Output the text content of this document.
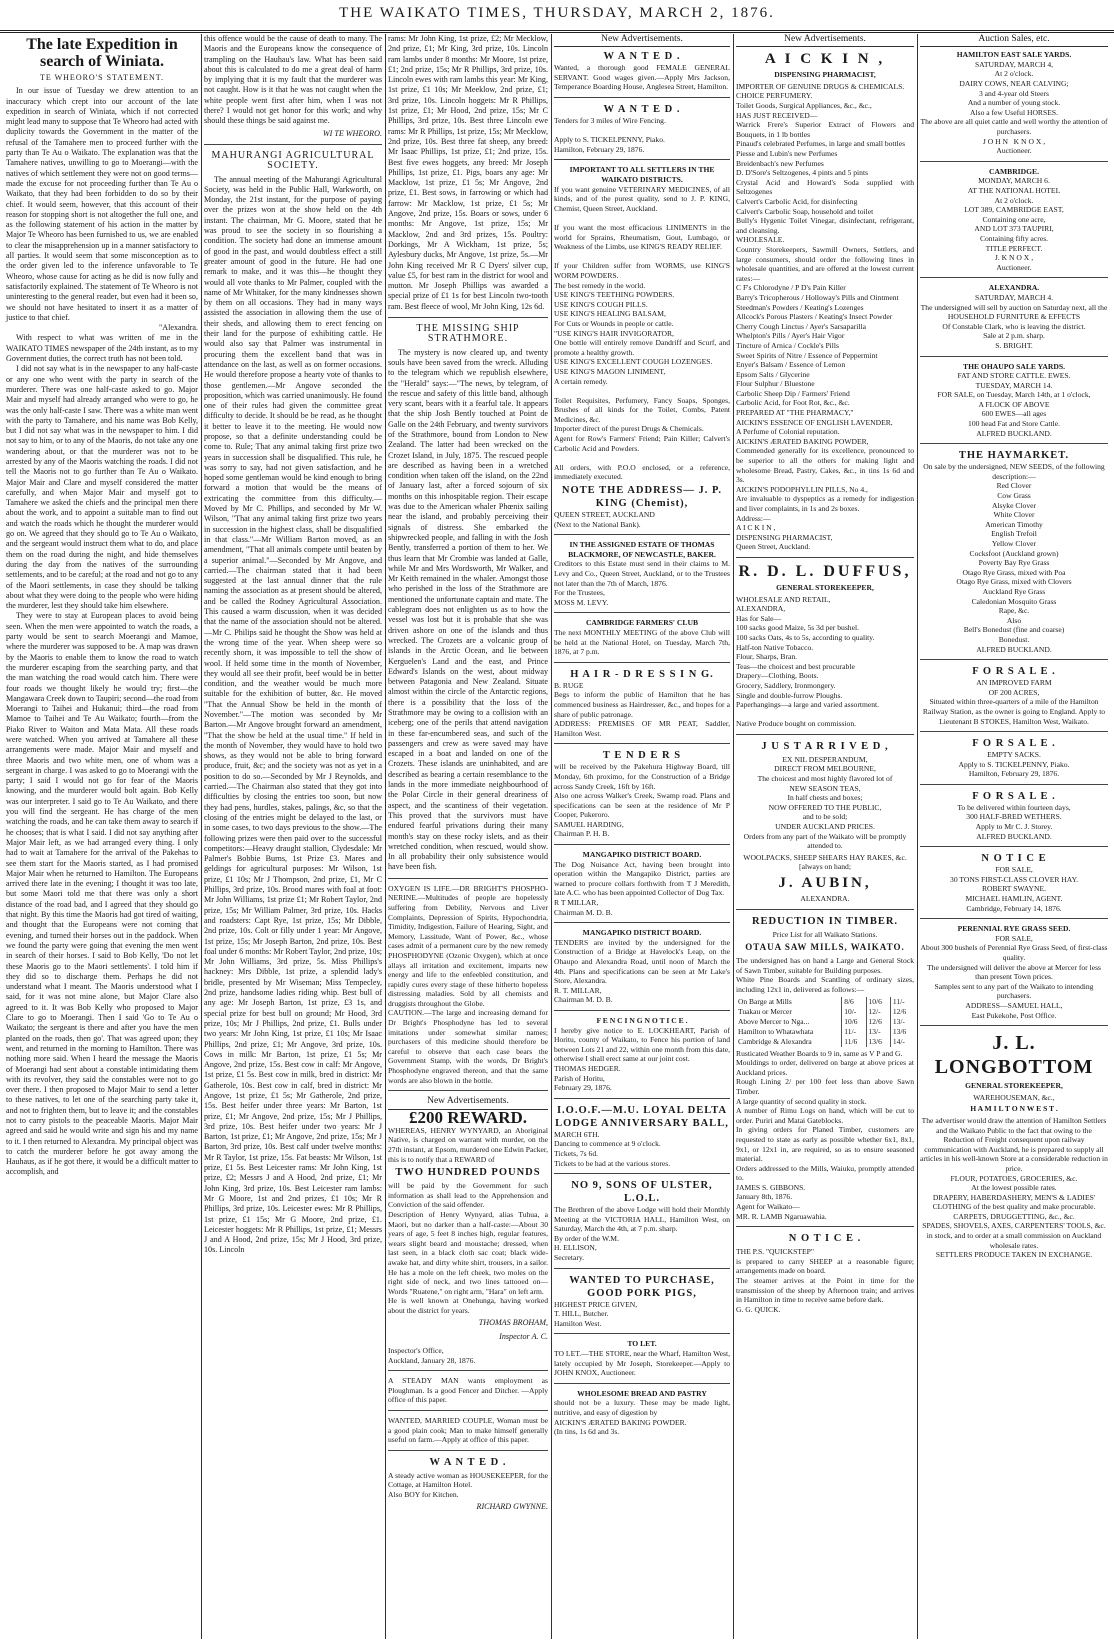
THE WAIKATO TIMES, THURSDAY, MARCH 2, 1876.
The late Expedition in search of Winiata.
TE WHEORO'S STATEMENT.

In our issue of Tuesday we drew attention to an inaccuracy which crept into our account of the late expedition in search of Winiata, which if not corrected might lead many to suppose that Te Wheoro had acted with duplicity towards the Government in the matter of the refusal of the Tamahere men to proceed further with the party than Te Au o Waikato. The explanation was that the Tamahere natives, unwilling to go to Moerangi—with the natives of which settlement they were not on good terms—made the excuse for not proceeding further than Te Au o Waikato, that they had been forbidden to do so by their chief. It would seem, however, that this account of their reason for stopping short is not altogether the full one, and as the following statement of his action in the matter by Major Te Wheoro has been furnished to us, we are enabled to clear the misapprehension up in a manner satisfactory to all parties. It would seem that some misconception as to the order given led to the inference unfavorable to Te Wheoro, whose cause for acting as he did is now fully and satisfactorily explained. The statement of Te Wheoro is not uninteresting to the general reader, but even had it been so, we should not have hesitated to insert it as a matter of justice to that chief.

"Alexandra.

With respect to what was written of me in the WAIKATO TIMES newspaper of the 24th instant, as to my Government duties, the correct truth has not been told.

I did not say what is in the newspaper to any half-caste or any one who went with the party in search of the murderer. There was one half-caste asked to go. Major Mair and myself had already arranged who were to go, he was the only half-caste I saw. There was a white man went with the party to Tamahere, and his name was Bob Kelly, but I did not say what was in the newspaper to him. I did not say to him, or to any of the Maoris, do not take any one wandering about, or that the murderer was not to be arrested by any of the Maoris watching the roads. I did not tell the Maoris not to go further than Te Au o Waikato. Major Mair and Clare and myself considered the matter carefully, and when Major Mair and myself got to Tamahere we asked the chiefs and the principal men there about the work, and to appoint a suitable man to find out and watch the roads which he thought the murderer would go on. We agreed that they should go to Te Au o Waikato, and the sergeant would instruct them what to do, and place them on the road during the night, and hide themselves during the day from the natives of the surrounding settlements, and to be careful; at the road and not go to any of the Maori settlements, in case they should be talking about what they were doing to the people who were hiding the murderer, lest they should take him elsewhere.

They were to stay at European places to avoid being seen. When the men were appointed to watch the roads, a party would be sent to search Moerangi and Mamoe, where the murderer was supposed to be. A map was drawn by the Maoris to enable them to know the road to watch the murderer escaping from the searching party, and that the man watching the road would catch him. There were four roads we thought likely he would try; first—the Mangawara Creek down to Taupiri; second—the road from Moerangi to Taihei and Hukanui; third—the road from Mamoe to Taihei and Te Au Waikato; fourth—from the Piako River to Waiton and Mata Mata. All these roads were watched. When you arrived at Tamahere all these arrangements were made. Major Mair and myself and three Maoris and two white men, one of whom was a sergeant in charge. I was asked to go to Moerangi with the party; I said I would not go for fear of the Maoris knowing, and the murderer would bolt again. Bob Kelly was our interpreter. I said go to Te Au Waikato, and there you will find the sergeant. He has charge of the men watching the roads, and he can take them away to search if he chooses; that is what I said. I did not say anything after Major Mair left, as we had arranged every thing. I only had to wait at Tamahere for the arrival of the Pakehas to see them start for the Maoris started, as I had promised Major Mair when he returned to Hamilton. The Europeans arrived there late in the evening; I thought it was too late, but some Maori told me that there was only a short distance of the road bad, and I agreed that they should go that night. By this time the Maoris had got tired of waiting, and thought that the Europeans were not coming that evening, and turned their horses out in the paddock. When we found the party were going that evening the men went in search of their horses. I said to Bob Kelly, 'Do not let these Maoris go to the Maori settlements'. I told him if they did so to discharge them. Perhaps he did not understand what I meant. The Maoris understood what I said, for it was not mine alone, but Major Clare also agreed to it. It was Bob Kelly who proposed to Major Clare to go to Moerangi. Then I said 'Go to Te Au o Waikato; the sergeant is there and after you have the men planted on the roads, then go'. That was agreed upon; they went, and returned in the morning to Hamilton. There was nothing more said. When I heard the message the Maoris of Moerangi had sent about a constable intimidating them with its revolver, they said the constables were not to go over there. I then proposed to Major Mair to send a letter to these natives, to let one of the searching party take it, and not to frighten them, but to leave it; and the constables not to carry pistols to the peaceable Maoris. Major Mair agreed and said he would write and sign his and my name to it. I then returned to Alexandra. My principal object was to catch the murderer before he got away among the Hauhaus, as if he got there, it would be a difficult matter to accomplish, and

this offence would be the cause of death to many. The Maoris and the Europeans know the consequence of trampling on the Hauhau's law. What has been said about this is calculated to do me a great deal of harm by implying that it is my fault that the murderer was not caught. How is it that he was not caught when the white people went first after him, when I was not there? I would not get honor for this work; and why should these things be said against me.

WI TE WHEORO.
MAHURANGI AGRICULTURAL SOCIETY.

The annual meeting of the Mahurangi Agricultural Society, was held in the Public Hall, Warkworth, on Monday, the 21st instant, for the purpose of paying over the prizes won at the show held on the 4th instant. The chairman, Mr G. Moore, stated that he was proud to see the society in so flourishing a condition. The society had done an immense amount of good in the past, and would doubtless effect a still greater amount of good in the future. He had one remark to make, and it was this—he thought they would all vote thanks to Mr Palmer, coupled with the name of Mr Whitaker, for the many kindnesses shown by them on all occasions. They had in many ways assisted the association in allowing them the use of their sheds, and allowing them to erect fencing on their land for the purpose of exhibiting cattle. He would also say that Palmer was instrumental in procuring them the excellent band that was in attendance on the last, as well as on former occasions. He would therefore propose a hearty vote of thanks to those gentlemen.—Mr Angove seconded the proposition, which was carried unanimously. He found one of their rules had given the committee great difficulty to decide. It should be be read, as he thought it better to leave it to the meeting. He would now propose, so that a definite understanding could be come to. Rule; That any animal taking first prize two years in succession shall be disqualified. This rule, he was sorry to say, had not given satisfaction, and he hoped some gentleman would be kind enough to bring forward a motion that would be the means of extricating the committee from this difficulty.—Moved by Mr C. Phillips, and seconded by Mr W. Wilson, "That any animal taking first prize two years in succession in the highest class, shall be disqualified in that class."—Mr William Barton moved, as an amendment, "That all animals compete until beaten by a superior animal."—Seconded by Mr Angove, and carried.—The chairman stated that it had been suggested at the last annual dinner that the rule naming the association as at present should be altered, and be called the Rodney Agricultural Association. This caused a warm discussion, when it was decided that the name of the association should not be altered.—Mr C. Philips said he thought the Show was held at the wrong time of the year. When sheep were so recently shorn, it was impossible to tell the show of wool. If held some time in the month of November, they would all see their profit, beef would be in better condition, and the weather would be much more suitable for the exhibition of butter, &c. He moved "That the Annual Show be held in the month of November."—The motion was seconded by Mr Barton.—Mr Angove brought forward an amendment, "That the show be held at the usual time." If held in the month of November, they would have to hold two shows, as they would not be able to bring forward produce, fruit, &c; and the society was not as yet in a position to do so.—Seconded by Mr J Reynolds, and carried.—The Chairman also stated that they got into difficulties by closing the entries too soon, but now they had pens, hurdles, stakes, palings, &c, so that the closing of the entries might be delayed to the last, or in some cases, to two days previous to the show.—The following prizes were then paid over to the successful competitors:—Heavy draught stallion, Clydesdale: Mr Palmer's Bobbie Burns, 1st Prize £3. Mares and geldings for agricultural purposes: Mr Wilson, 1st prize, £1 10s; Mr J Thompson, 2nd prize, £1, Mr C Phillips, 3rd prize, 10s. Brood mares with foal at foot: Mr John Williams, 1st prize £1; Mr Robert Taylor, 2nd prize, 15s; Mr William Palmer, 3rd prize, 10s. Hacks and roadsters: Capt Rye, 1st prize, 15s; Mr Dibble, 2nd prize, 10s. Colt or filly under 1 year: Mr Angove, 1st prize, 15s; Mr Joseph Barton, 2nd prize, 10s. Best foal under 6 months: Mr Robert Taylor, 2nd prize, 10s; Mr John Williams, 3rd prize, 5s. Miss Phillips's hackney: Mrs Dibble, 1st prize, a splendid lady's bridle, presented by Mr Wiseman; Miss Tempecley, 2nd prize, handsome ladies riding whip. Best bull of any age: Mr Joseph Barton, 1st prize, £3 1s, and special prize for best bull on ground; Mr Hood, 3rd prize, 10s; Mr J Phillips, 2nd prize, £1. Bulls under two years: Mr John King, 1st prize, £1 10s; Mr Isaac Phillips, 2nd prize, £1; Mr Angove, 3rd prize, 10s. Cows in milk: Mr Barton, 1st prize, £1 5s; Mr Angove, 2nd prize, 15s. Best cow in calf: Mr Angove, 1st prize, £1 5s. Best cow in milk, bred in district: Mr Gatherole, 10s. Best cow in calf, bred in district: Mr Angove, 1st prize, £1 5s; Mr Gatherole, 2nd prize, 15s. Best heifer under three years: Mr Barton, 1st prize, £1; Mr Angove, 2nd prize, 15s; Mr J Phillips, 3rd prize, 10s. Best heifer under two years: Mr J Barton, 1st prize, £1; Mr Angove, 2nd prize, 15s; Mr J Barton, 3rd prize, 10s. Best calf under twelve months: Mr R Taylor, 1st prize, 15s. Fat beasts: Mr Wilson, 1st prize, £1 5s. Best Leicester rams: Mr John King, 1st prize, £2; Messrs J and A Hood, 2nd prize, £1; Mr John King, 3rd prize, 10s. Best Leicester ram lambs: Mr G Moore, 1st and 2nd prizes, £1 10s; Mr R Phillips, 3rd prize, 10s. Leicester ewes: Mr R Phillips, 1st prize, £1 15s; Mr G Moore, 2nd prize, £1. Leicester hoggets: Mr R Phillips, 1st prize, £1; Messrs J and A Hood, 2nd prize, 15s; Mr J Hood, 3rd prize, 10s. Lincoln

rams: Mr John King, 1st prize, £2; Mr Mecklow, 2nd prize, £1; Mr King, 3rd prize, 10s. Lincoln ram lambs under 8 months: Mr Moore, 1st prize, £1; 2nd prize, 15s; Mr R Phillips, 3rd prize, 10s. Lincoln ewes with ram lambs this year: Mr King, 1st prize, £1 10s; Mr Meeklow, 2nd prize, £1; 3rd prize, 10s. Lincoln hoggets: Mr R Phillips, 1st prize, £1; Mr Hood, 2nd prize, 15s; Mr C Phillips, 3rd prize, 10s. Best three Lincoln ewe rams: Mr R Phillips, 1st prize, 15s; Mr Mecklow, 2nd prize, 10s. Best three fat sheep, any breed: Mr Isaac Phillips, 1st prize, £1; 2nd prize, 15s. Best five ewes hoggets, any breed: Mr Joseph Phillips, 1st prize, £1. Pigs, boars any age: Mr Macklow, 1st prize, £1 5s; Mr Angove, 2nd prize, £1. Best sows, in farrowing or which had farrow: Mr Macklow, 1st prize, £1 5s; Mr Angove, 2nd prize, 15s. Boars or sows, under 6 months: Mr Angove, 1st prize, 15s; Mr Macklow, 2nd and 3rd prizes, 15s. Poultry: Dorkings, Mr A Wickham, 1st prize, 5s; Aylesbury ducks, Mr Angove, 1st prize, 5s.—Mr John King received Mr R C Dyers' silver cup, value £5, for best ram in the district for wool and mutton. Mr Joseph Phillips was awarded a special prize of £1 1s for best Lincoln two-tooth ram. Best fleece of wool, Mr John King, 12s 6d.

THE MISSING SHIP STRATHMORE.

The mystery is now cleared up, and twenty souls have been saved from the wreck. Alluding to the telegram which we republish elsewhere, the "Herald" says:—"The news, by telegram, of the rescue and safety of this little band, although very scant, bears with it a fearful tale. It appears that the ship Josh Bently touched at Point de Galle on the 24th February, and twenty survivors of the Strathmore, bound from London to New Zealand. The latter had been wrecked on the Crozet Island, in July, 1875. The rescued people are described as having been in a wretched condition when taken off the island, on the 22nd of January last, after a forced sojourn of six months on this inhospitable region. Their escape was due to the American whaler Phœnix sailing near the island, and probably perceiving their signals of distress. She embarked the shipwrecked people, and falling in with the Josh Bently, transferred a portion of them to her. We thus learn that Mr Crombie was landed at Galle, while Mr and Mrs Wordsworth, Mr Walker, and Mr Keith remained in the whaler. Amongst those who perished in the loss of the Strathmore are mentioned the unfortunate captain and mate. The cablegram does not enlighten us as to how the vessel was lost but it is probable that she was driven ashore on one of the islands and thus wrecked. The Crozets are a volcanic group of islands in the Arctic Ocean, and lie between Kerguelen's Land and the east, and Prince Edward's Islands on the west, about midway between Patagonia and New Zealand. Situate almost within the circle of the Antarctic regions, there is a possibility that the loss of the Strathmore may be owing to a collision with an iceberg; one of the perils that attend navigation in these far-encumbered seas, and such of the passengers and crew as were saved may have escaped in a boat and landed on one of the Crozets. These islands are uninhabited, and are described as bearing a certain resemblance to the lands in the more immediate neighbourhood of the Polar Circle in their general dreariness of aspect, and the scantiness of their vegetation. This proved that the survivors must have endured fearful privations during their many month's stay on these rocky islets, and as their wretched condition, when rescued, would show. In all probability their only subsistence would have been fish.

OXYGEN IS LIFE.—DR BRIGHT'S PHOSPHO-NERINE.—Multitudes of people are hopelessly suffering from Debility, Nervous and Liver Complaints, Depression of Spirits, Hypochondria, Timidity, Indigestion, Failure of Hearing, Sight, and Memory, Lassitude, Want of Power, &c., whose cases admit of a permanent cure by the new remedy PHOSPHODYNE (Ozonic Oxygen), which at once allays all irritation and excitement, imparts new energy and life to the enfeebled constitution, and rapidly cures every stage of these hitherto hopeless distressing maladies. Sold by all chemists and druggists throughout the Globe.
CAUTION.—The large and increasing demand for Dr Bright's Phosphodyne has led to several imitations under somewhat similar names; purchasers of this medicine should therefore be careful to observe that each case bears the Government Stamp, with the words, Dr Bright's Phosphodyne engraved thereon, and that the same words are also blown in the bottle.
New Advertisements.
£200 REWARD.
WHEREAS, HENRY WYNYARD, an Aboriginal Native, is charged on warrant with murder, on the 27th instant, at Epsom, murdered one Edwin Packer, this is to notify that a REWARD of
TWO HUNDRED POUNDS
will be paid by the Government for such information as shall lead to the Apprehension and Conviction of the said offender.
Description of Henry Wynyard, alias Tuhua, a Maori, but no darker than a half-caste:—About 30 years of age, 5 feet 8 inches high, regular features, wears slight beard and moustache; dressed, when last seen, in a black cloth sac coat; black wide-awake hat, and dirty white shirt, trousers, in a sailor. He has a mole on the left cheek, two moles on the right side of neck, and two lines tattooed on—Words "Ruatene," on right arm, "Hara" on left arm.
He is well known at Onehunga, having worked about the district for years.
THOMAS BROHAM,
Inspector A. C.
Inspector's Office,
Auckland, January 28, 1876.
A STEADY MAN wants employment as Ploughman. Is a good Fencer and Ditcher. —Apply office of this paper.
WANTED, MARRIED COUPLE, Woman must be a good plain cook; Man to make himself generally useful on farm.—Apply at office of this paper.
W A N T E D .
A steady active woman as HOUSEKEEPER, for the Cottage, at Hamilton Hotel.
Also BOY for Kitchen.
RICHARD GWYNNE.
New Advertisements.
W A N T E D .
Wanted, a thorough good FEMALE GENERAL SERVANT. Good wages given.—Apply Mrs Jackson, Temperance Boarding House, Anglesea Street, Hamilton.
W A N T E D .
Tenders for 3 miles of Wire Fencing.

Apply to S. TICKELPENNY, Piako.
Hamilton, February 29, 1876.
IMPORTANT TO ALL SETTLERS IN THE WAIKATO DISTRICTS.
If you want genuine VETERINARY MEDICINES, of all kinds, and of the purest quality, send to J. P. KING, Chemist, Queen Street, Auckland.

If you want the most efficacious LINIMENTS in the world for Sprains, Rheumatism, Gout, Lumbago, or Weakness of the Limbs, use KING'S READY RELIEF.

If your Children suffer from WORMS, use KING'S WORM POWDERS.
The best remedy in the world.
USE KING'S TEETHING POWDERS.
USE KING'S COUGH PILLS.
USE KING'S HEALING BALSAM,
For Cuts or Wounds in people or cattle.
"USE KING'S HAIR INVIGORATOR,
One bottle will entirely remove Dandriff and Scurf, and promote a healthy growth.
USE KING'S EXCELLENT COUGH LOZENGES.
USE KING'S MAGON LINIMENT,
A certain remedy.

Toilet Requisites, Perfumery, Fancy Soaps, Sponges, Brushes of all kinds for the Toilet, Combs, Patent Medicines, &c.
Importer direct of the purest Drugs & Chemicals.
Agent for Row's Farmers' Friend; Pain Killer; Calvert's Carbolic Acid and Powders.

All orders, with P.O.O enclosed, or a reference, immediately executed.
NOTE THE ADDRESS— J. P. KING (Chemist),
QUEEN STREET, AUCKLAND
(Next to the National Bank).
IN THE ASSIGNED ESTATE OF THOMAS BLACKMORE, OF NEWCASTLE, BAKER.
Creditors to this Estate must send in their claims to M. Levy and Co., Queen Street, Auckland, or to the Trustees not later than the 7th of March, 1876.
For the Trustees,
MOSS M. LEVY.
CAMBRIDGE FARMERS' CLUB
The next MONTHLY MEETING of the above Club will be held at the National Hotel, on Tuesday, March 7th, 1876, at 7 p.m.
H A I R - D R E S S I N G.
B. RUGE
Begs to inform the public of Hamilton that he has commenced business as Hairdresser, &c., and hopes for a share of public patronage.
ADDRESS: PREMISES OF MR PEAT, Saddler, Hamilton West.
T E N D E R S
will be received by the Pakehura Highway Board, till Monday, 6th proximo, for the Construction of a Bridge across Sandy Creek, 16ft by 16ft.
Also one across Walker's Creek, Swamp road. Plans and specifications can be seen at the residence of Mr P Cooper, Pukeroro.
SAMUEL HARDING,
Chairman P. H. B.
MANGAPIKO DISTRICT BOARD.
The Dog Nuisance Act, having been brought into operation within the Mangapiko District, parties are warned to procure collars forthwith from T J Meredith, late A.C. who has been appointed Collector of Dog Tax.
R T MILLAR,
Chairman M. D. B.
MANGAPIKO DISTRICT BOARD.
TENDERS are invited by the undersigned for the Construction of a Bridge at Havelock's Leap, on the Ohaupo and Alexandra Road, until noon of March the 4th. Plans and specifications can be seen at Mr Lake's Store, Alexandra.
R. T. MILLAR,
Chairman M. D. B.
F E N C I N G N O T I C E .
I hereby give notice to E. LOCKHEART, Parish of Horitu, county of Waikato, to Fence his portion of land between Lots 21 and 22, within one month from this date, otherwise I shall erect same at our joint cost.
THOMAS HEDGER.
Parish of Horitu,
February 29, 1876.
I.O.O.F.—M.U. LOYAL DELTA LODGE ANNIVERSARY BALL,
MARCH 6TH.
Dancing to commence at 9 o'clock.
Tickets, 7s 6d.
Tickets to be had at the various stores.
NO 9, SONS OF ULSTER, L.O.L.
The Brethren of the above Lodge will hold their Monthly Meeting at the VICTORIA HALL, Hamilton West, on Saturday, March the 4th, at 7 p.m. sharp.
By order of the W.M.
H. ELLISON,
Secretary.
WANTED TO PURCHASE, GOOD PORK PIGS,
HIGHEST PRICE GIVEN,
T. HILL, Butcher.
Hamilton West.
TO LET.
TO LET.—THE STORE, near the Wharf, Hamilton West, lately occupied by Mr Joseph, Storekeeper.—Apply to JOHN KNOX, Auctioneer.
WHOLESOME BREAD AND PASTRY
should not be a luxury. These may be made light, nutritive, and easy of digestion by
AICKIN'S ÆRATED BAKING POWDER.
(In tins, 1s 6d and 3s.
New Advertisements.
A I C K I N ,
DISPENSING PHARMACIST,
IMPORTER OF GENUINE DRUGS & CHEMICALS.
CHOICE PERFUMERY.
Toilet Goods, Surgical Appliances, &c., &c.,
HAS JUST RECEIVED—
Warrick Frere's Superior Extract of Flowers and Bouquets, in 1 lb bottles
Pinaud's celebrated Perfumes, in large and small bottles
Piesse and Lubin's new Perfumes
Breidenbach's new Perfumes
D. D'Sore's Seltzogenes, 4 pints and 5 pints
Crystal Acid and Howard's Soda supplied with Seltzogenes
Calvert's Carbolic Acid, for disinfecting
Calvert's Carbolic Soap, household and toilet
Bully's Hygenic Toilet Vinegar, disinfectant, refrigerant, and cleansing.
WHOLESALE.
Country Storekeepers, Sawmill Owners, Settlers, and large consumers, should order the following lines in wholesale quantities, and are offered at the lowest current rates:—
C F's Chlorodyne / P D's Pain Killer
Barry's Tricopherous / Holloway's Pills and Ointment
Steedman's Powders / Keating's Lozenges
Allcock's Porous Plasters / Keating's Insect Powder
Cherry Cough Linctus / Ayer's Sarsaparilla
Whelpton's Pills / Ayer's Hair Vigor
Tincture of Arnica / Cockle's Pills
Sweet Spirits of Nitre / Essence of Peppermint
Enyer's Balsam / Essence of Lemon
Epsom Salts / Glycerine
Flour Sulphur / Bluestone
Carbolic Sheep Dip / Farmers' Friend
Carbolic Acid, for Foot Rot, &c., &c.
PREPARED AT "THE PHARMACY,"
AICKIN'S ESSENCE OF ENGLISH LAVENDER,
A Perfume of Colonial reputation.
AICKIN'S ÆRATED BAKING POWDER,
Commended generally for its excellence, pronounced to be superior to all the others for making light and wholesome Bread, Pastry, Cakes, &c., in tins 1s 6d and 3s.
AICKIN'S PODOPHYLLIN PILLS, No 4.,
Are invaluable to dyspeptics as a remedy for indigestion and liver complaints, in 1s and 2s boxes.
Address:—
A I C K I N ,
DISPENSING PHARMACIST,
Queen Street, Auckland.
R. D. L. DUFFUS,
GENERAL STOREKEEPER,
WHOLESALE AND RETAIL,
ALEXANDRA,
Has for Sale—
100 sacks good Maize, 5s 3d per bushel.
100 sacks Oats, 4s to 5s, according to quality.
Half-ton Native Tobacco.
Flour, Sharps, Bran.
Teas—the choicest and best procurable
Drapery—Clothing, Boots.
Grocery, Saddlery, Ironmongery.
Single and double-furrow Ploughs.
Paperhangings—a large and varied assortment.

Native Produce bought on commission.
J U S T A R R I V E D ,
EX NIL DESPERANDUM,
DIRECT FROM MELBOURNE,
The choicest and most highly flavored lot of
NEW SEASON TEAS,
In half chests and boxes;
NOW OFFERED TO THE PUBLIC,
and to be sold;
UNDER AUCKLAND PRICES.
Orders from any part of the Waikato will be promptly attended to.
WOOLPACKS, SHEEP SHEARS HAY RAKES, &c.
[always on hand;
J. AUBIN,
ALEXANDRA.
REDUCTION IN TIMBER.
Price List for all Waikato Stations.
OTAUA SAW MILLS, WAIKATO.
The undersigned has on hand a Large and General Stock of Sawn Timber, suitable for Building purposes.
White Pine Boards and Scantling of ordinary sizes, including 12x1 in, delivered as follows:—
On Barge at Mills	8/6	10/6	11/-
Tuakau or Mercer	10/-	12/-	12/6
Above Mercer to Nga...	10/6	12/6	13/-
Hamilton to Whatawhata	11/-	13/-	13/6
Cambridge & Alexandra	11/6	13/6	14/-
Rusticated Weather Boards to 9 in, same as V P and G.
Mouldings to order, delivered on barge at above prices at Auckland prices.
Rough Lining 2/ per 100 feet less than above Sawn Timber.
A large quantity of second quality in stock.
A number of Rimu Logs on hand, which will be cut to order. Puriri and Matai Gateblocks.
In giving orders for Planed Timber, customers are requested to state as early as possible whether 6x1, 8x1, 9x1, or 12x1 in, are required, so as to ensure seasoned material.
Orders addressed to the Mills, Waiuku, promptly attended to.
JAMES S. GIBBONS.
January 8th, 1876.
Agent for Waikato—
MR. R. LAMB Ngaruawahia.
N O T I C E .
THE P.S. "QUICKSTEP"
is prepared to carry SHEEP at a reasonable figure; arrangements made on board.
The steamer arrives at the Point in time for the transmission of the sheep by Afternoon train; and arrives in Hamilton in time to receive same before dark.
G. G. QUICK.
Auction Sales, etc.
HAMILTON EAST SALE YARDS.
SATURDAY, MARCH 4,
At 2 o'clock.
DAIRY COWS, NEAR CALVING;
3 and 4-year old Steers
And a number of young stock.
Also a few Useful HORSES.
The above are all quiet cattle and well worthy the attention of purchasers.
J O H N   K N O X ,
Auctioneer.
CAMBRIDGE.
MONDAY, MARCH 6.
AT THE NATIONAL HOTEL
At 2 o'clock.
LOT 389, CAMBRIDGE EAST,
Containing one acre,
AND LOT 373 TAUPIRI,
Containing fifty acres.
TITLE PERFECT.
J. K N O X ,
Auctioneer.
ALEXANDRA.
SATURDAY, MARCH 4.
The undersigned will sell by auction on Saturday next, all the
HOUSEHOLD FURNITURE & EFFECTS
Of Constable Clark, who is leaving the district.
Sale at 2 p.m. sharp.
S. BRIGHT.
THE OHAUPO SALE YARDS.
FAT AND STORE CATTLE. EWES.
TUESDAY, MARCH 14.
FOR SALE, on Tuesday, March 14th, at 1 o'clock,
A FLOCK OF ABOVE
600 EWES—all ages
100 head Fat and Store Cattle.
ALFRED BUCKLAND.
THE HAYMARKET.
On sale by the undersigned, NEW SEEDS, of the following description:—
Red Clover
Cow Grass
Alsyke Clover
White Clover
American Timothy
English Trefoil
Yellow Clover
Cocksfoot (Auckland grown)
Poverty Bay Rye Grass
Otago Rye Grass, mixed with Poa
Otago Rye Grass, mixed with Clovers
Auckland Rye Grass
Caledonian Mosquito Grass
Rape, &c.
Also
Bell's Bonedust (fine and coarse)
Bonedust.
ALFRED BUCKLAND.
F O R S A L E .
AN IMPROVED FARM
OF 200 ACRES,
Situated within three-quarters of a mile of the Hamilton Railway Station, as the owner is going to England. Apply to Lieutenant B STOKES, Hamilton West, Waikato.
F O R S A L E .
EMPTY SACKS.
Apply to S. TICKELPENNY, Piako.
Hamilton, February 29, 1876.
F O R S A L E .
To be delivered within fourteen days,
300 HALF-BRED WETHERS.
Apply to Mr C. J. Storey.
ALFRED BUCKLAND.
N O T I C E
FOR SALE,
30 TONS FIRST-CLASS CLOVER HAY.
ROBERT SWAYNE.
MICHAEL HAMLIN, AGENT.
Cambridge, February 14, 1876.
PERENNIAL RYE GRASS SEED.
FOR SALE,
About 300 bushels of Perennial Rye Grass Seed, of first-class quality.
The undersigned will deliver the above at Mercer for less than present Town prices.
Samples sent to any part of the Waikato to intending purchasers.
ADDRESS—SAMUEL HALL,
East Pukekohe, Post Office.
J. L. LONGBOTTOM
GENERAL STOREKEEPER,
WAREHOUSEMAN, &c.,
H A M I L T O N W E S T .
The advertiser would draw the attention of Hamilton Settlers and the Waikato Public to the fact that owing to the Reduction of Freight consequent upon railway communication with Auckland, he is prepared to supply all articles in his well-known Store at a considerable reduction in price.
FLOUR, POTATOES, GROCERIES, &c.
At the lowest possible rates.
DRAPERY, HABERDASHERY, MEN'S & LADIES' CLOTHING of the best quality and make procurable.
CARPETS, DRUGGETTING, &c., &c.
SPADES, SHOVELS, AXES, CARPENTERS' TOOLS, &c. in stock, and to order at a small commission on Auckland wholesale rates.
SETTLERS PRODUCE TAKEN IN EXCHANGE.
